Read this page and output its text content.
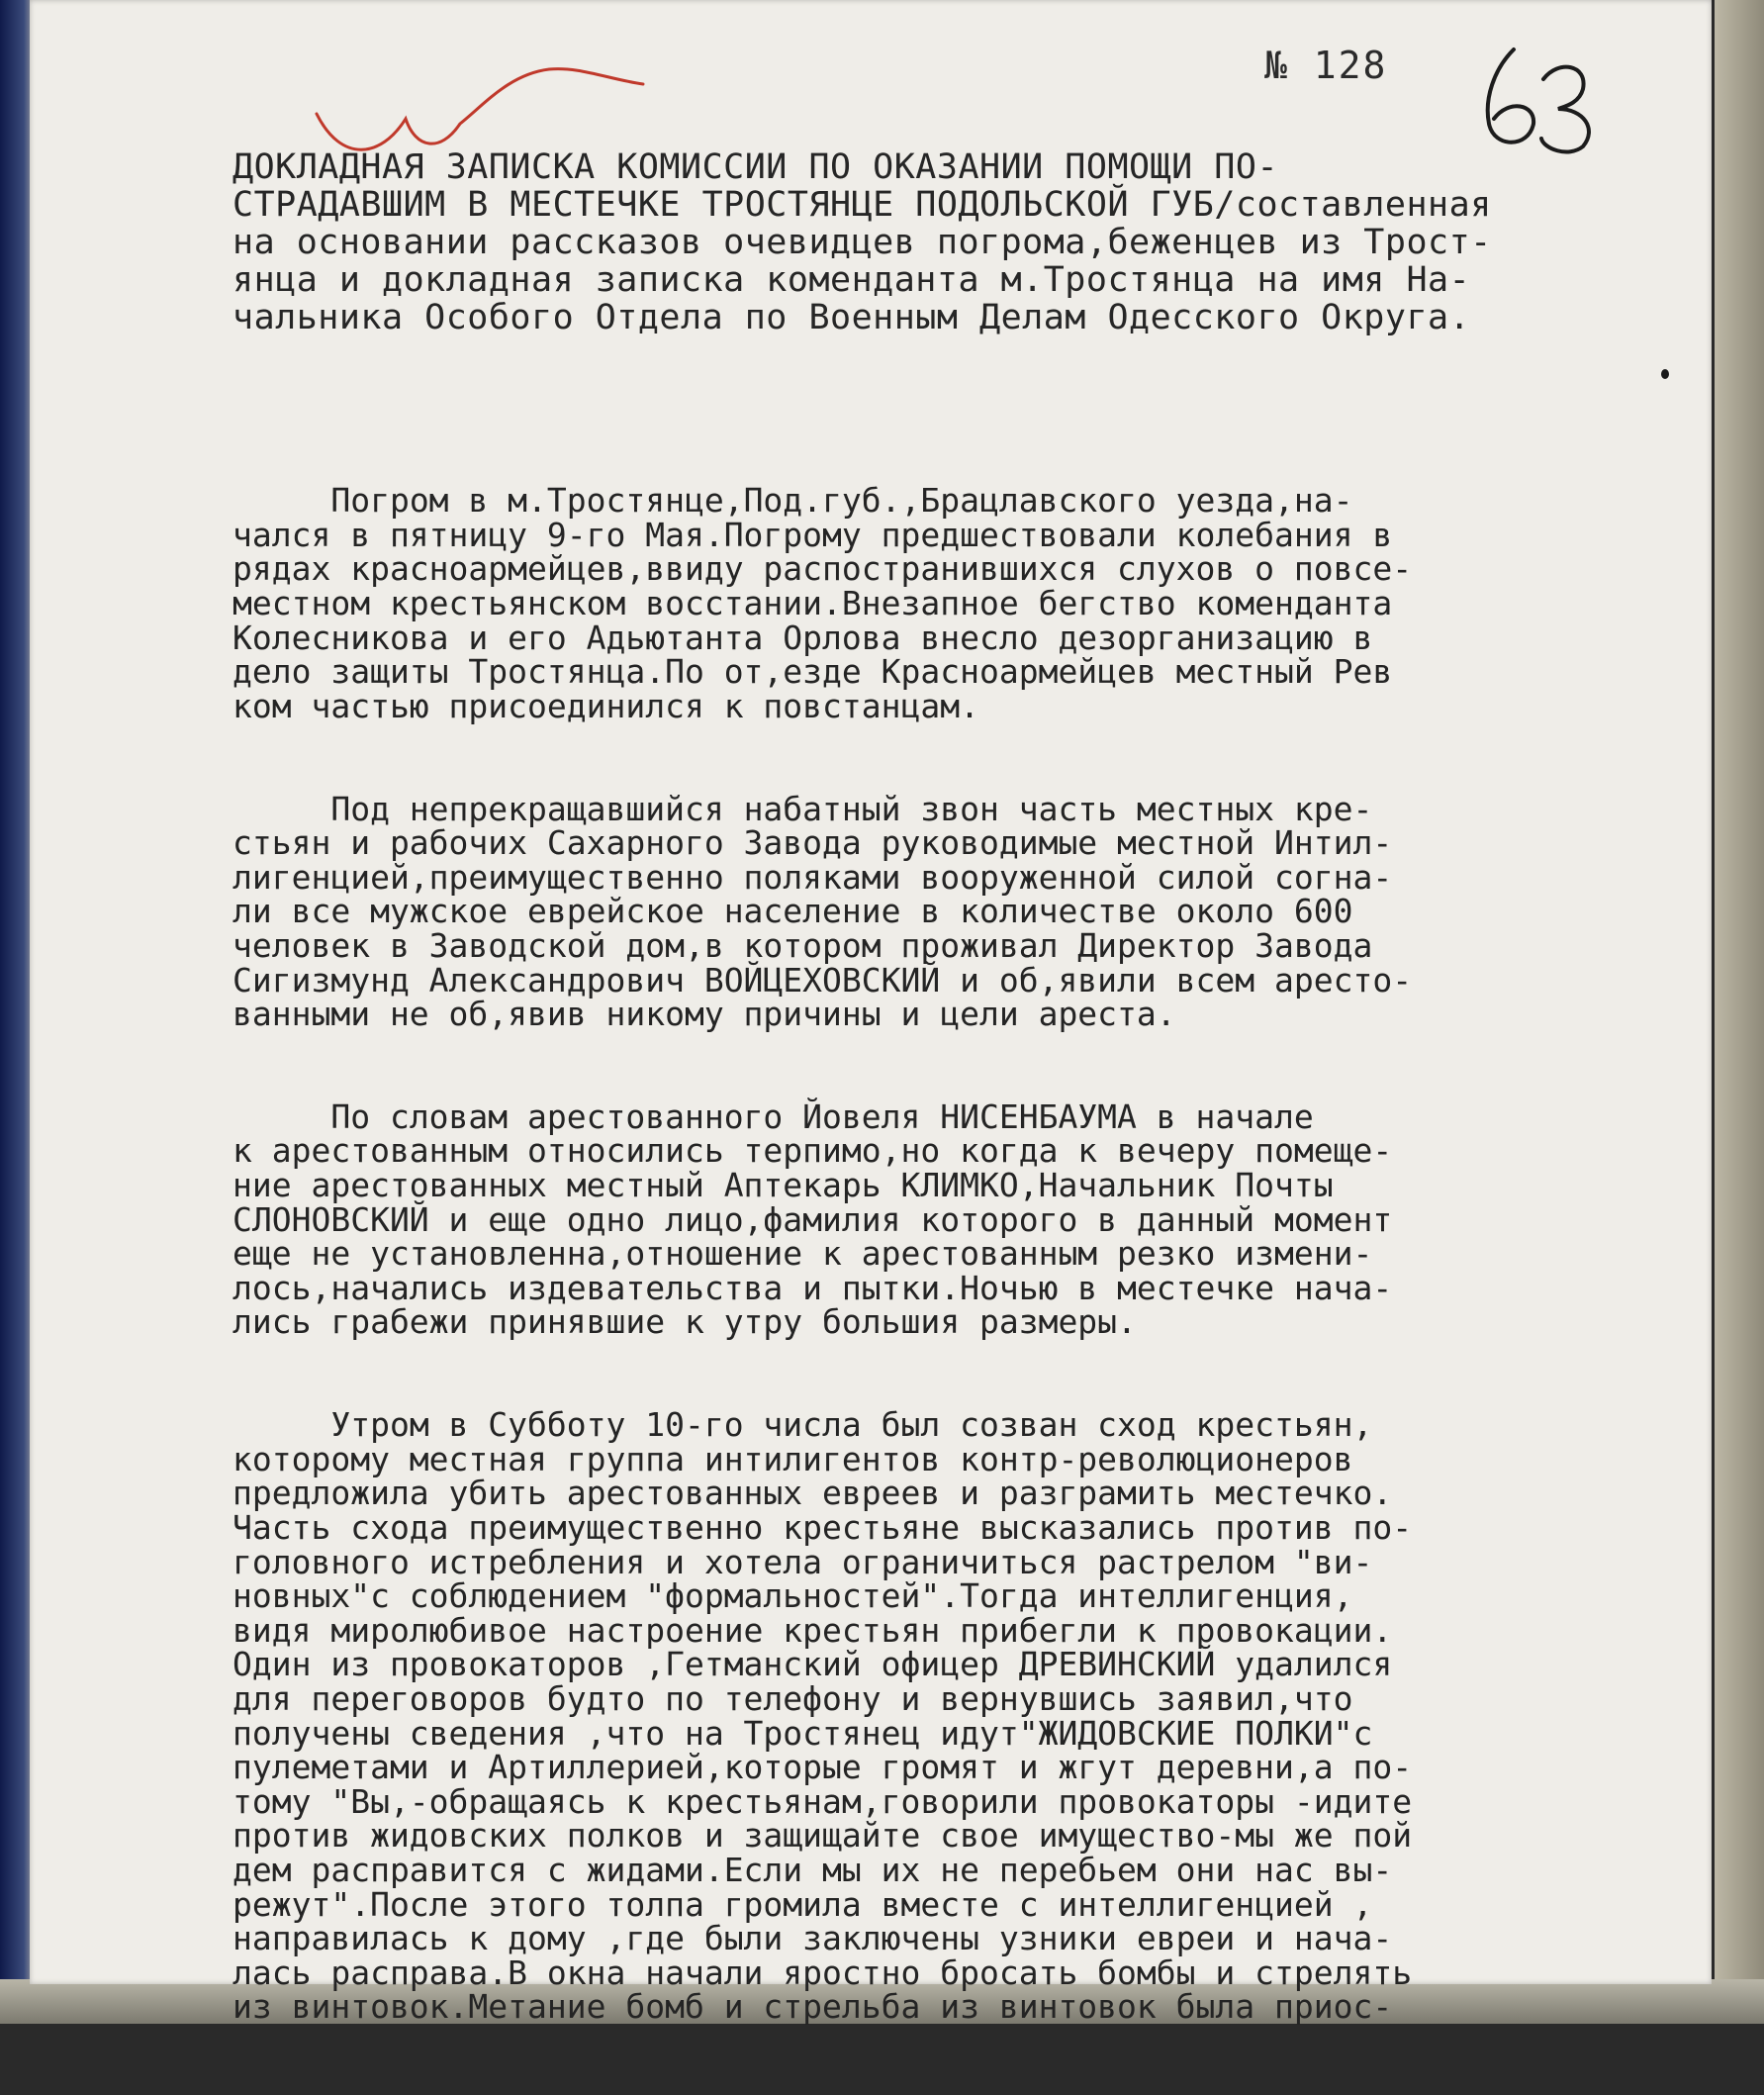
№ 128
ДОКЛАДНАЯ ЗАПИСКА КОМИССИИ ПО ОКАЗАНИИ ПОМОЩИ ПО-
СТРАДАВШИМ В МЕСТЕЧКЕ ТРОСТЯНЦЕ ПОДОЛЬСКОЙ ГУБ/составленная
на основании рассказов очевидцев погрома,беженцев из Трост-
янца и докладная записка коменданта м.Тростянца на имя На-
чальника Особого Отдела по Военным Делам Одесского Округа.

Погром в м.Тростянце,Под.губ.,Брацлавского уезда,на-
чался в пятницу 9-го Мая.Погрому предшествовали колебания в
рядах красноармейцев,ввиду распостранившихся слухов о повсе-
местном крестьянском восстании.Внезапное бегство коменданта
Колесникова и его Адьютанта Орлова внесло дезорганизацию в
дело защиты Тростянца.По от,езде Красноармейцев местный Рев
ком частью присоединился к повстанцам.

Под непрекращавшийся набатный звон часть местных кре-
стьян и рабочих Сахарного Завода руководимые местной Интил-
лигенцией,преимущественно поляками вооруженной силой согна-
ли все мужское еврейское население в количестве около 600
человек в Заводской дом,в котором проживал Директор Завода
Сигизмунд Александрович ВОЙЦЕХОВСКИЙ и об,явили всем аресто-
ванными не об,явив никому причины и цели ареста.

По словам арестованного Йовеля НИСЕНБАУМА в начале
к арестованным относились терпимо,но когда к вечеру помеще-
ние арестованных местный Аптекарь КЛИМКО,Начальник Почты
СЛОНОВСКИЙ и еще одно лицо,фамилия которого в данный момент
еще не установленна,отношение к арестованным резко измени-
лось,начались издевательства и пытки.Ночью в местечке нача-
лись грабежи принявшие к утру большия размеры.

Утром в Субботу 10-го числа был созван сход крестьян,
которому местная группа интилигентов контр-революционеров
предложила убить арестованных евреев и разграмить местечко.
Часть схода преимущественно крестьяне высказались против по-
головного истребления и хотела ограничиться растрелом "ви-
новных"с соблюдением "формальностей".Тогда интеллигенция,
видя миролюбивое настроение крестьян прибегли к провокации.
Один из провокаторов ,Гетманский офицер ДРЕВИНСКИЙ удалился
для переговоров будто по телефону и вернувшись заявил,что
получены сведения ,что на Тростянец идут"ЖИДОВСКИЕ ПОЛКИ"с
пулеметами и Артиллерией,которые громят и жгут деревни,а по-
тому "Вы,-обращаясь к крестьянам,говорили провокаторы -идите
против жидовских полков и защищайте свое имущество-мы же пой
дем расправится с жидами.Если мы их не перебьем они нас вы-
режут".После этого толпа громила вместе с интеллигенцией ,
направилась к дому ,где были заключены узники евреи и нача-
лась расправа.В окна начали яростно бросать бомбы и стрелять
из винтовок.Метание бомб и стрельба из винтовок была приос-
